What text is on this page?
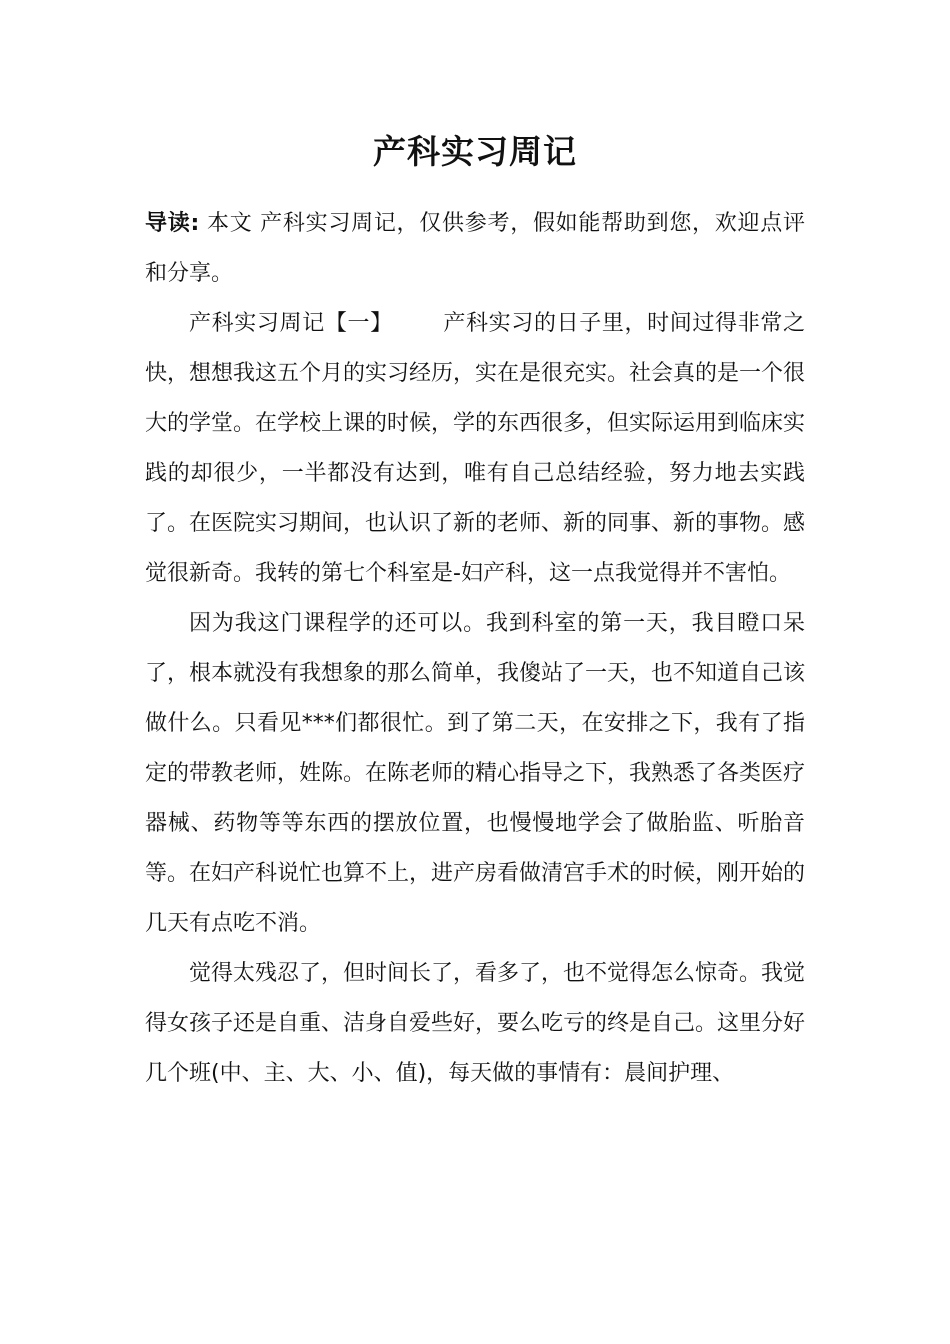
产科实习周记

导读: 本文 产科实习周记，仅供参考，假如能帮助到您，欢迎点评和分享。

产科实习周记【一】 产科实习的日子里，时间过得非常之快，想想我这五个月的实习经历，实在是很充实。社会真的是一个很大的学堂。在学校上课的时候，学的东西很多，但实际运用到临床实践的却很少，一半都没有达到，唯有自己总结经验，努力地去实践了。在医院实习期间，也认识了新的老师、新的同事、新的事物。感觉很新奇。我转的第七个科室是-妇产科，这一点我觉得并不害怕。

因为我这门课程学的还可以。我到科室的第一天，我目瞪口呆了，根本就没有我想象的那么简单，我傻站了一天，也不知道自己该做什么。只看见***们都很忙。到了第二天，在安排之下，我有了指定的带教老师，姓陈。在陈老师的精心指导之下，我熟悉了各类医疗器械、药物等等东西的摆放位置，也慢慢地学会了做胎监、听胎音等。在妇产科说忙也算不上，进产房看做清宫手术的时候，刚开始的几天有点吃不消。

觉得太残忍了，但时间长了，看多了，也不觉得怎么惊奇。我觉得女孩子还是自重、洁身自爱些好，要么吃亏的终是自己。这里分好几个班(中、主、大、小、值)，每天做的事情有：晨间护理、
